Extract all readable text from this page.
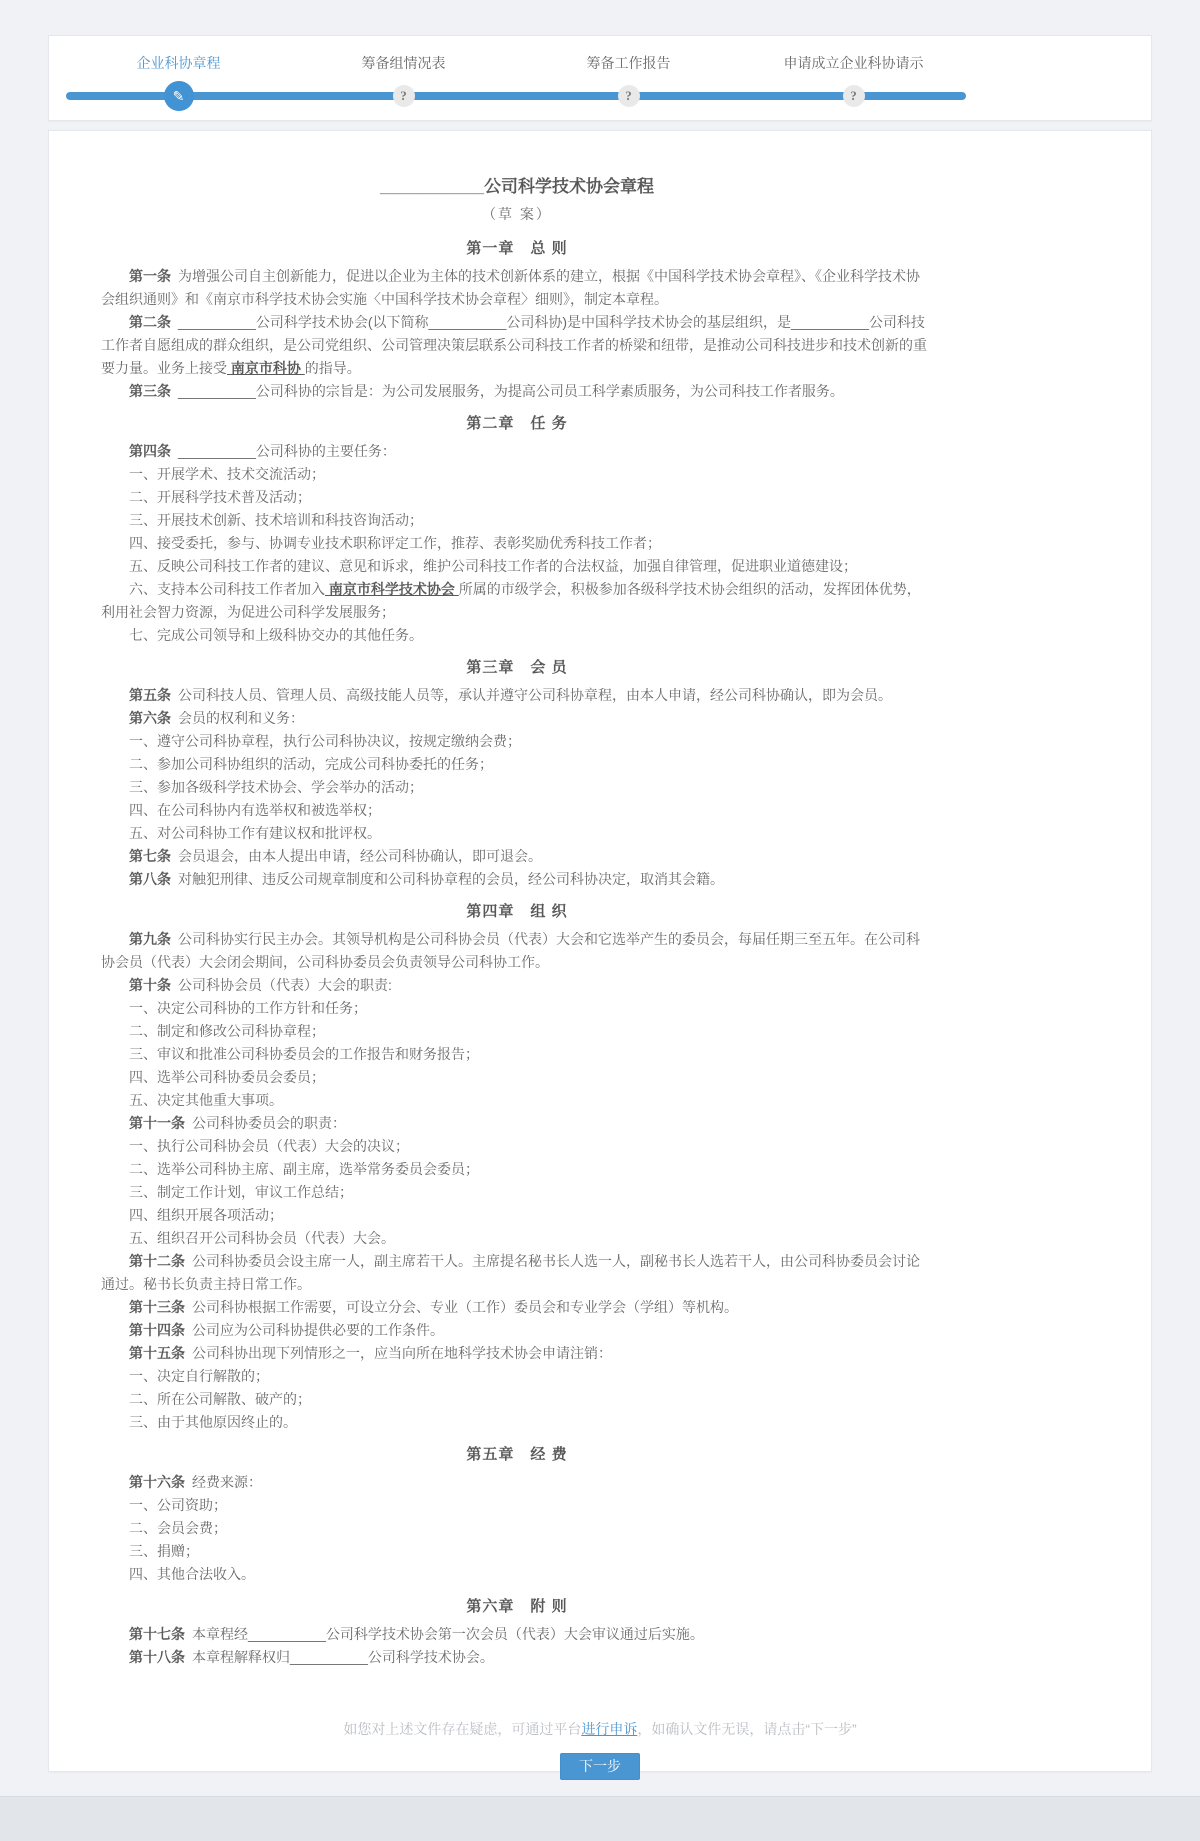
企业科协章程
✎
筹备组情况表
?
筹备工作报告
?
申请成立企业科协请示
?
___________公司科学技术协会章程
（草 案）
第一章　总 则
第一条 为增强公司自主创新能力，促进以企业为主体的技术创新体系的建立，根据《中国科学技术协会章程》、《企业科学技术协会组织通则》和《南京市科学技术协会实施〈中国科学技术协会章程〉细则》，制定本章程。
第二条 __________公司科学技术协会(以下简称__________公司科协)是中国科学技术协会的基层组织，是__________公司科技工作者自愿组成的群众组织，是公司党组织、公司管理决策层联系公司科技工作者的桥梁和纽带，是推动公司科技进步和技术创新的重要力量。业务上接受 南京市科协 的指导。
第三条 __________公司科协的宗旨是：为公司发展服务，为提高公司员工科学素质服务，为公司科技工作者服务。
第二章　任 务
第四条 __________公司科协的主要任务：
一、开展学术、技术交流活动；
二、开展科学技术普及活动；
三、开展技术创新、技术培训和科技咨询活动；
四、接受委托，参与、协调专业技术职称评定工作，推荐、表彰奖励优秀科技工作者；
五、反映公司科技工作者的建议、意见和诉求，维护公司科技工作者的合法权益，加强自律管理，促进职业道德建设；
六、支持本公司科技工作者加入 南京市科学技术协会 所属的市级学会，积极参加各级科学技术协会组织的活动，发挥团体优势，利用社会智力资源，为促进公司科学发展服务；
七、完成公司领导和上级科协交办的其他任务。
第三章　会 员
第五条 公司科技人员、管理人员、高级技能人员等，承认并遵守公司科协章程，由本人申请，经公司科协确认，即为会员。
第六条 会员的权利和义务：
一、遵守公司科协章程，执行公司科协决议，按规定缴纳会费；
二、参加公司科协组织的活动，完成公司科协委托的任务；
三、参加各级科学技术协会、学会举办的活动；
四、在公司科协内有选举权和被选举权；
五、对公司科协工作有建议权和批评权。
第七条 会员退会，由本人提出申请，经公司科协确认，即可退会。
第八条 对触犯刑律、违反公司规章制度和公司科协章程的会员，经公司科协决定，取消其会籍。
第四章　组 织
第九条 公司科协实行民主办会。其领导机构是公司科协会员（代表）大会和它选举产生的委员会，每届任期三至五年。在公司科协会员（代表）大会闭会期间，公司科协委员会负责领导公司科协工作。
第十条 公司科协会员（代表）大会的职责:
一、决定公司科协的工作方针和任务；
二、制定和修改公司科协章程；
三、审议和批准公司科协委员会的工作报告和财务报告；
四、选举公司科协委员会委员；
五、决定其他重大事项。
第十一条 公司科协委员会的职责：
一、执行公司科协会员（代表）大会的决议；
二、选举公司科协主席、副主席，选举常务委员会委员；
三、制定工作计划，审议工作总结；
四、组织开展各项活动；
五、组织召开公司科协会员（代表）大会。
第十二条 公司科协委员会设主席一人，副主席若干人。主席提名秘书长人选一人，副秘书长人选若干人，由公司科协委员会讨论通过。秘书长负责主持日常工作。
第十三条 公司科协根据工作需要，可设立分会、专业（工作）委员会和专业学会（学组）等机构。
第十四条 公司应为公司科协提供必要的工作条件。
第十五条 公司科协出现下列情形之一，应当向所在地科学技术协会申请注销：
一、决定自行解散的；
二、所在公司解散、破产的；
三、由于其他原因终止的。
第五章　经 费
第十六条 经费来源：
一、公司资助；
二、会员会费；
三、捐赠；
四、其他合法收入。
第六章　附 则
第十七条 本章程经__________公司科学技术协会第一次会员（代表）大会审议通过后实施。
第十八条 本章程解释权归__________公司科学技术协会。
如您对上述文件存在疑虑，可通过平台进行申诉，如确认文件无误，请点击“下一步”
下一步
